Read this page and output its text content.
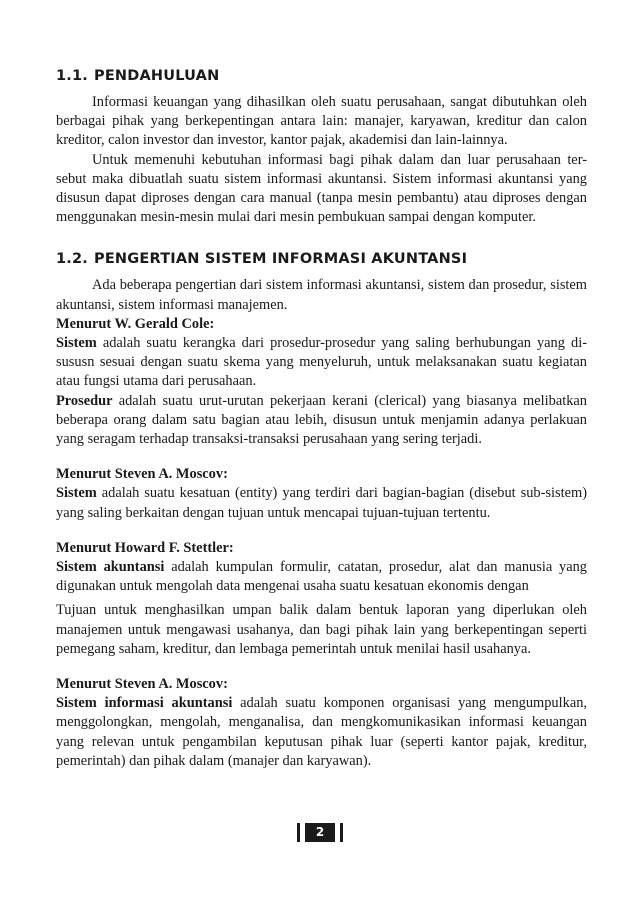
1.1. PENDAHULUAN

Informasi keuangan yang dihasilkan oleh suatu perusahaan, sangat dibutuhkan oleh berbagai pihak yang berkepentingan antara lain: manajer, karyawan, kreditur dan calon kreditor, calon investor dan investor, kantor pajak, akademisi dan lain-lainnya.

Untuk memenuhi kebutuhan informasi bagi pihak dalam dan luar perusahaan ter-sebut maka dibuatlah suatu sistem informasi akuntansi. Sistem informasi akuntansi yang disusun dapat diproses dengan cara manual (tanpa mesin pembantu) atau diproses dengan menggunakan mesin-mesin mulai dari mesin pembukuan sampai dengan komputer.

1.2. PENGERTIAN SISTEM INFORMASI AKUNTANSI

Ada beberapa pengertian dari sistem informasi akuntansi, sistem dan prosedur, sistem akuntansi, sistem informasi manajemen.

Menurut W. Gerald Cole:

Sistem adalah suatu kerangka dari prosedur-prosedur yang saling berhubungan yang di-sususn sesuai dengan suatu skema yang menyeluruh, untuk melaksanakan suatu kegiatan atau fungsi utama dari perusahaan.

Prosedur adalah suatu urut-urutan pekerjaan kerani (clerical) yang biasanya melibatkan beberapa orang dalam satu bagian atau lebih, disusun untuk menjamin adanya perlakuan yang seragam terhadap transaksi-transaksi perusahaan yang sering terjadi.

Menurut Steven A. Moscov:

Sistem adalah suatu kesatuan (entity) yang terdiri dari bagian-bagian (disebut sub-sistem) yang saling berkaitan dengan tujuan untuk mencapai tujuan-tujuan tertentu.

Menurut Howard F. Stettler:

Sistem akuntansi adalah kumpulan formulir, catatan, prosedur, alat dan manusia yang digunakan untuk mengolah data mengenai usaha suatu kesatuan ekonomis dengan

Tujuan untuk menghasilkan umpan balik dalam bentuk laporan yang diperlukan oleh manajemen untuk mengawasi usahanya, dan bagi pihak lain yang berkepentingan seperti pemegang saham, kreditur, dan lembaga pemerintah untuk menilai hasil usahanya.

Menurut Steven A. Moscov:

Sistem informasi akuntansi adalah suatu komponen organisasi yang mengumpulkan, menggolongkan, mengolah, menganalisa, dan mengkomunikasikan informasi keuangan yang relevan untuk pengambilan keputusan pihak luar (seperti kantor pajak, kreditur, pemerintah) dan pihak dalam (manajer dan karyawan).

2
